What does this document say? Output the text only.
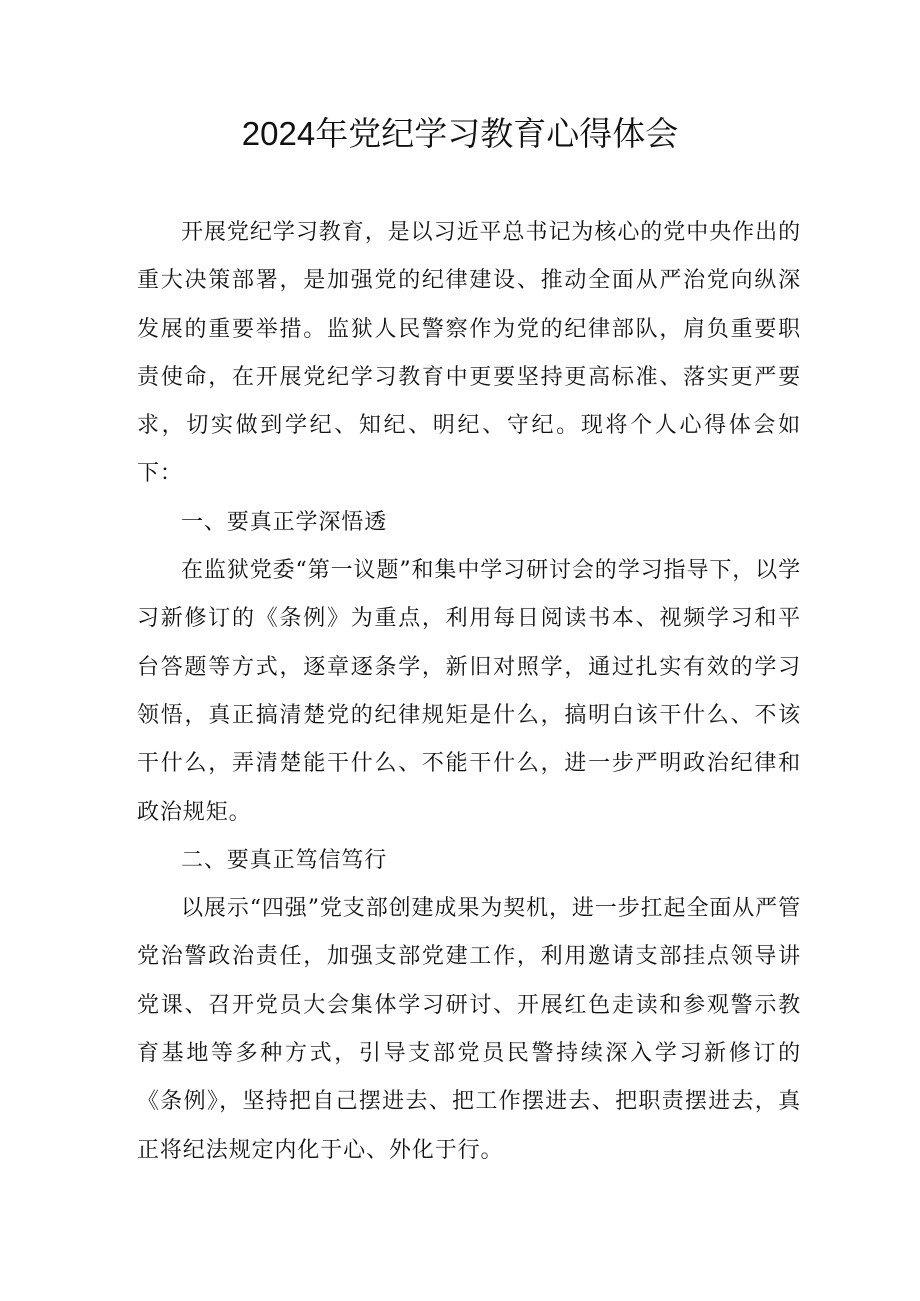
2024年党纪学习教育心得体会

开展党纪学习教育，是以习近平总书记为核心的党中央作出的重大决策部署，是加强党的纪律建设、推动全面从严治党向纵深发展的重要举措。监狱人民警察作为党的纪律部队，肩负重要职责使命，在开展党纪学习教育中更要坚持更高标准、落实更严要求，切实做到学纪、知纪、明纪、守纪。现将个人心得体会如下：

一、要真正学深悟透

在监狱党委“第一议题”和集中学习研讨会的学习指导下，以学习新修订的《条例》为重点，利用每日阅读书本、视频学习和平台答题等方式，逐章逐条学，新旧对照学，通过扎实有效的学习领悟，真正搞清楚党的纪律规矩是什么，搞明白该干什么、不该干什么，弄清楚能干什么、不能干什么，进一步严明政治纪律和政治规矩。

二、要真正笃信笃行

以展示“四强”党支部创建成果为契机，进一步扛起全面从严管党治警政治责任，加强支部党建工作，利用邀请支部挂点领导讲党课、召开党员大会集体学习研讨、开展红色走读和参观警示教育基地等多种方式，引导支部党员民警持续深入学习新修订的《条例》，坚持把自己摆进去、把工作摆进去、把职责摆进去，真正将纪法规定内化于心、外化于行。
